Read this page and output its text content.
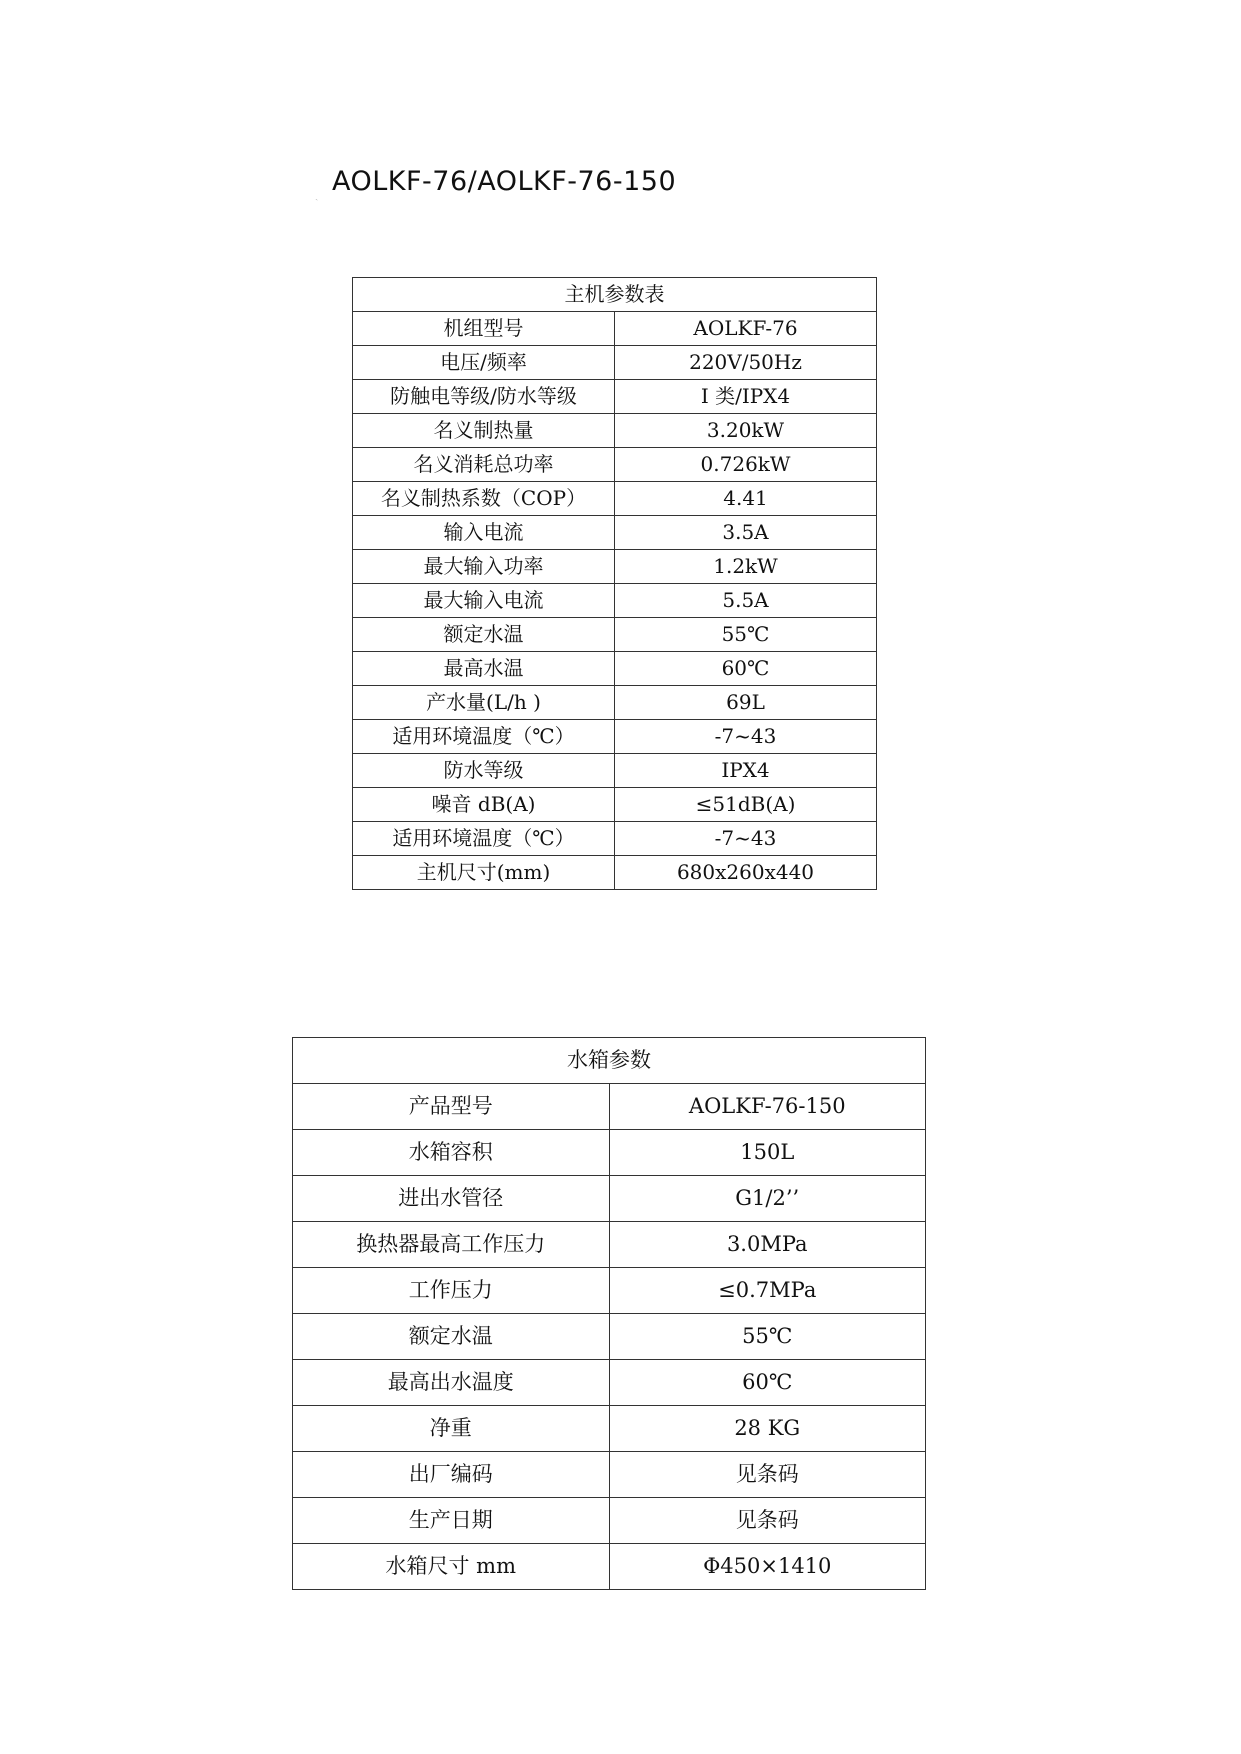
ˏ AOLKF-76/AOLKF-76-150
主机参数表	
机组型号	AOLKF-76
电压/频率	220V/50Hz
防触电等级/防水等级	I 类/IPX4
名义制热量	3.20kW
名义消耗总功率	0.726kW
名义制热系数（COP）	4.41
输入电流	3.5A
最大输入功率	1.2kW
最大输入电流	5.5A
额定水温	55℃
最高水温	60℃
产水量(L/h )	69L
适用环境温度（℃）	-7~43
防水等级	IPX4
噪音 dB(A)	≤51dB(A)
适用环境温度（℃）	-7~43
主机尺寸(mm)	680x260x440
水箱参数	
产品型号	AOLKF-76-150
水箱容积	150L
进出水管径	G1/2’’
换热器最高工作压力	3.0MPa
工作压力	≤0.7MPa
额定水温	55℃
最高出水温度	60℃
净重	28 KG
出厂编码	见条码
生产日期	见条码
水箱尺寸 mm	Φ450×1410
